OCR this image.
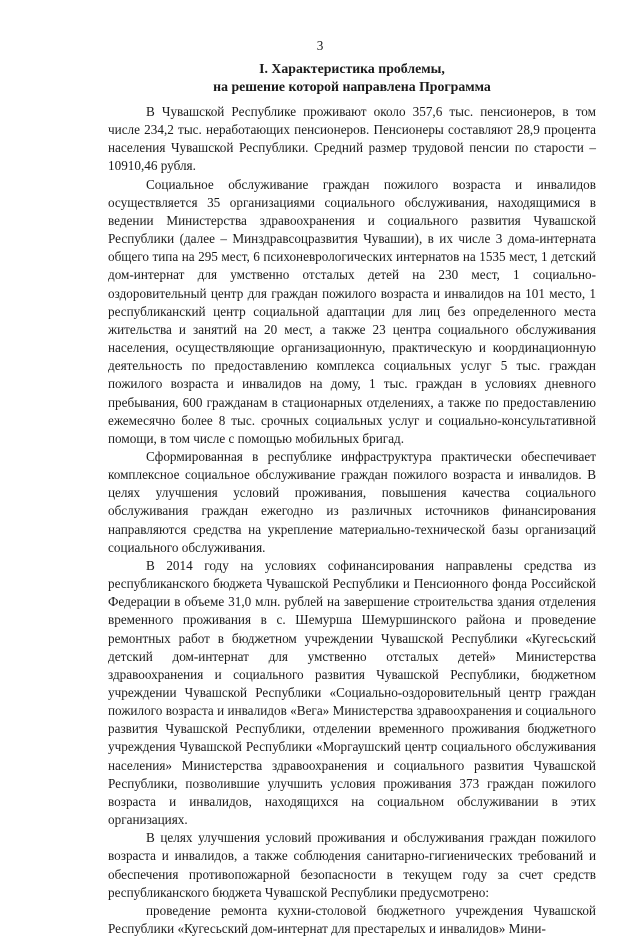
3
I. Характеристика проблемы,
на решение которой направлена Программа

В Чувашской Республике проживают около 357,6 тыс. пенсионеров, в том числе 234,2 тыс. неработающих пенсионеров. Пенсионеры составляют 28,9 процента населения Чувашской Республики. Средний размер трудовой пенсии по старости – 10910,46 рубля.

Социальное обслуживание граждан пожилого возраста и инвалидов осуществляется 35 организациями социального обслуживания, находящимися в ведении Министерства здравоохранения и социального развития Чувашской Республики (далее – Минздравсоцразвития Чувашии), в их числе 3 дома-интерната общего типа на 295 мест, 6 психоневрологических интернатов на 1535 мест, 1 детский дом-интернат для умственно отсталых детей на 230 мест, 1 социально-оздоровительный центр для граждан пожилого возраста и инвалидов на 101 место, 1 республиканский центр социальной адаптации для лиц без определенного места жительства и занятий на 20 мест, а также 23 центра социального обслуживания населения, осуществляющие организационную, практическую и координационную деятельность по предоставлению комплекса социальных услуг 5 тыс. граждан пожилого возраста и инвалидов на дому, 1 тыс. граждан в условиях дневного пребывания, 600 гражданам в стационарных отделениях, а также по предоставлению ежемесячно более 8 тыс. срочных социальных услуг и социально-консультативной помощи, в том числе с помощью мобильных бригад.

Сформированная в республике инфраструктура практически обеспечивает комплексное социальное обслуживание граждан пожилого возраста и инвалидов. В целях улучшения условий проживания, повышения качества социального обслуживания граждан ежегодно из различных источников финансирования направляются средства на укрепление материально-технической базы организаций социального обслуживания.

В 2014 году на условиях софинансирования направлены средства из республиканского бюджета Чувашской Республики и Пенсионного фонда Российской Федерации в объеме 31,0 млн. рублей на завершение строительства здания отделения временного проживания в с. Шемурша Шемуршинского района и проведение ремонтных работ в бюджетном учреждении Чувашской Республики «Кугесьский детский дом-интернат для умственно отсталых детей» Министерства здравоохранения и социального развития Чувашской Республики, бюджетном учреждении Чувашской Республики «Социально-оздоровительный центр граждан пожилого возраста и инвалидов «Вега» Министерства здравоохранения и социального развития Чувашской Республики, отделении временного проживания бюджетного учреждения Чувашской Республики «Моргаушский центр социального обслуживания населения» Министерства здравоохранения и социального развития Чувашской Республики, позволившие улучшить условия проживания 373 граждан пожилого возраста и инвалидов, находящихся на социальном обслуживании в этих организациях.

В целях улучшения условий проживания и обслуживания граждан пожилого возраста и инвалидов, а также соблюдения санитарно-гигиенических требований и обеспечения противопожарной безопасности в текущем году за счет средств республиканского бюджета Чувашской Республики предусмотрено:

проведение ремонта кухни-столовой бюджетного учреждения Чувашской Республики «Кугесьский дом-интернат для престарелых и инвалидов» Мини-
